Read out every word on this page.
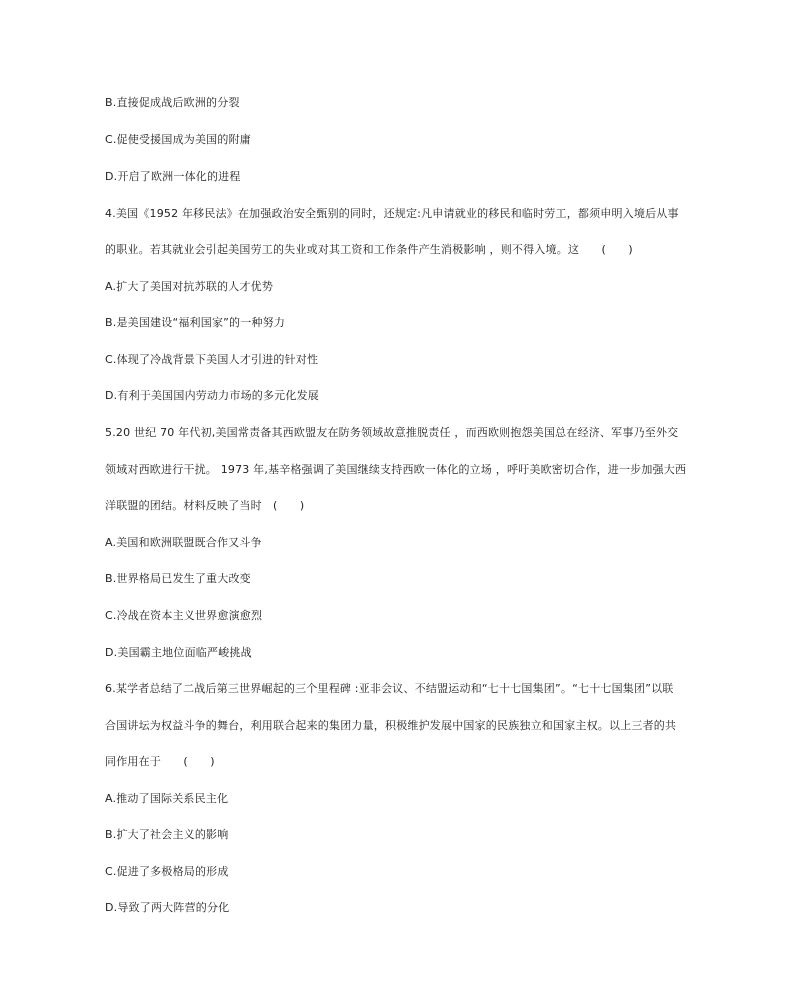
B.直接促成战后欧洲的分裂
C.促使受援国成为美国的附庸
D.开启了欧洲一体化的进程
4.美国《1952 年移民法》在加强政治安全甄别的同时，还规定:凡申请就业的移民和临时劳工，都须申明入境后从事
的职业。若其就业会引起美国劳工的失业或对其工资和工作条件产生消极影响 ，则不得入境。这　　(　　)
A.扩大了美国对抗苏联的人才优势
B.是美国建设“福利国家”的一种努力
C.体现了冷战背景下美国人才引进的针对性
D.有利于美国国内劳动力市场的多元化发展
5.20 世纪 70 年代初,美国常责备其西欧盟友在防务领域故意推脱责任 ，而西欧则抱怨美国总在经济、军事乃至外交
领域对西欧进行干扰。 1973 年,基辛格强调了美国继续支持西欧一体化的立场 ，呼吁美欧密切合作，进一步加强大西
洋联盟的团结。材料反映了当时　(　　)
A.美国和欧洲联盟既合作又斗争
B.世界格局已发生了重大改变
C.冷战在资本主义世界愈演愈烈
D.美国霸主地位面临严峻挑战
6.某学者总结了二战后第三世界崛起的三个里程碑 :亚非会议、不结盟运动和“七十七国集团”。“七十七国集团”以联
合国讲坛为权益斗争的舞台，利用联合起来的集团力量，积极维护发展中国家的民族独立和国家主权。以上三者的共
同作用在于　　(　　)
A.推动了国际关系民主化
B.扩大了社会主义的影响
C.促进了多极格局的形成
D.导致了两大阵营的分化
